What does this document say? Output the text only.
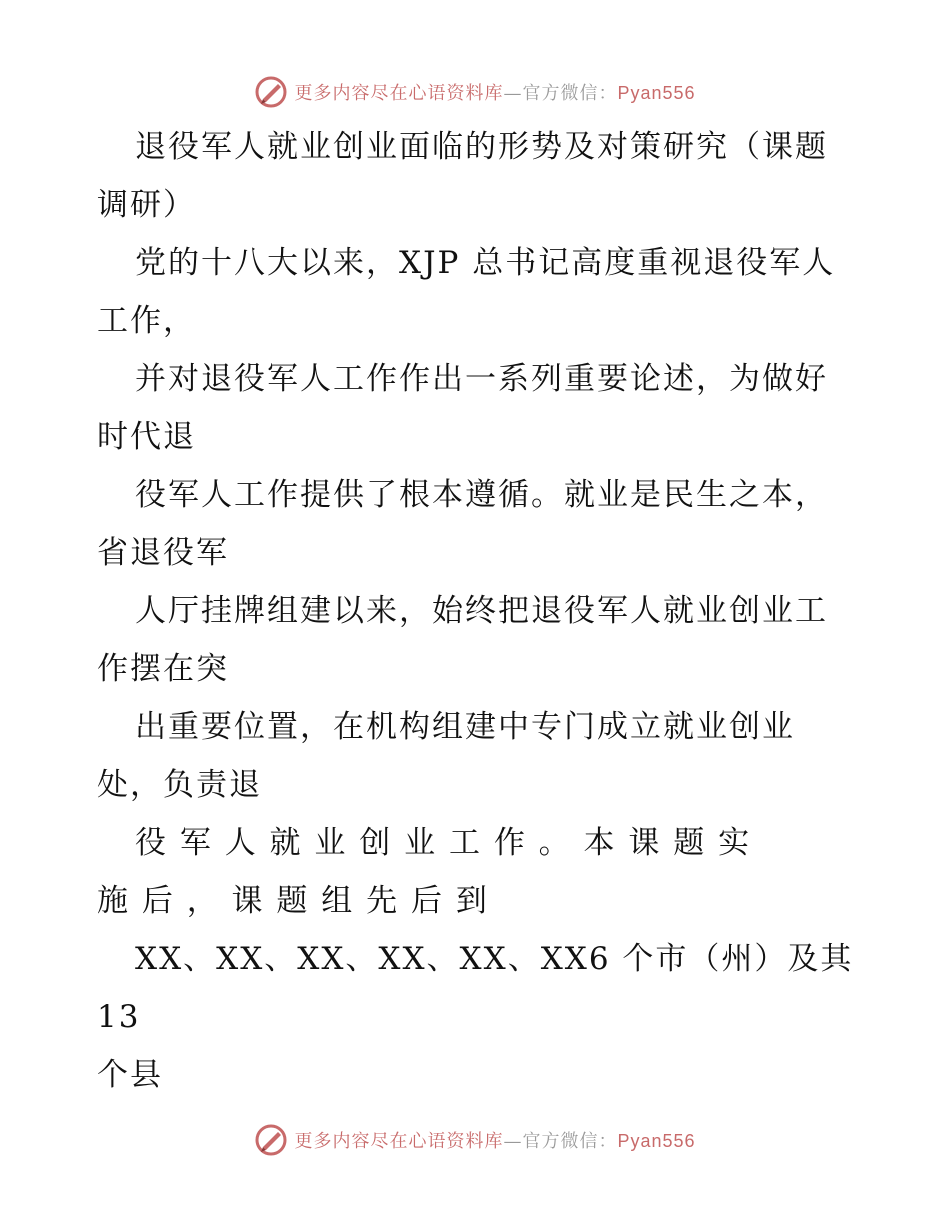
更多内容尽在心语资料库—官方微信：Pyan556

退役军人就业创业面临的形势及对策研究（课题
调研）

党的十八大以来，XJP 总书记高度重视退役军人
工作，

并对退役军人工作作出一系列重要论述，为做好
时代退

役军人工作提供了根本遵循。就业是民生之本，
省退役军

人厅挂牌组建以来，始终把退役军人就业创业工
作摆在突

出重要位置，在机构组建中专门成立就业创业
处，负责退

役 军 人 就 业 创 业 工 作 。 本 课 题 实
施 后 ， 课 题 组 先 后 到

XX、XX、XX、XX、XX、XX6 个市（州）及其 13
个县

更多内容尽在心语资料库—官方微信：Pyan556
